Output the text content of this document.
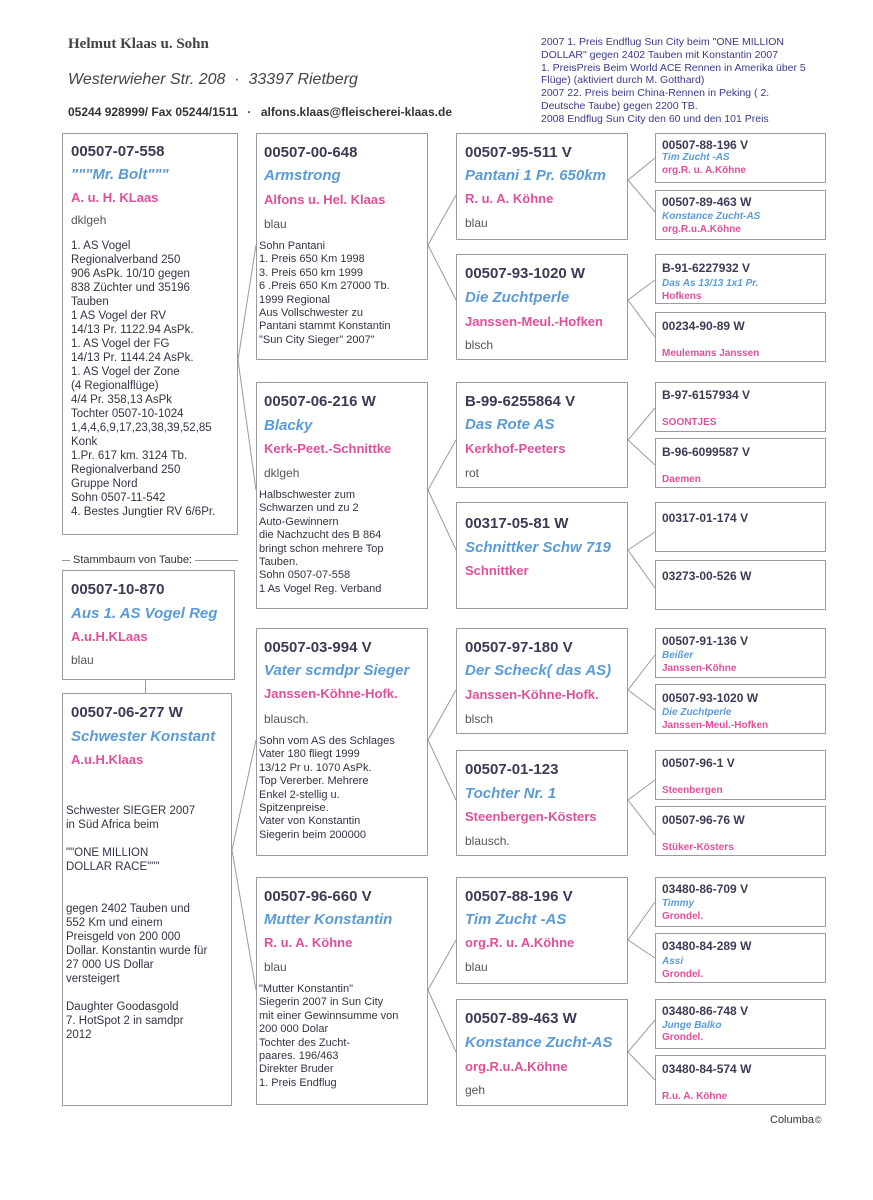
Helmut Klaas u. Sohn
Westerwieher Str. 208  ·  33397 Rietberg
05244 928999/ Fax 05244/1511 · alfons.klaas@fleischerei-klaas.de
2007 1. Preis Endflug Sun City beim "ONE MILLION DOLLAR" gegen 2402 Tauben mit Konstantin 2007
1. PreisPreis Beim World ACE Rennen in Amerika über 5 Flüge) (aktiviert durch M. Gotthard)
2007 22. Preis beim China-Rennen in Peking ( 2. Deutsche Taube) gegen 2200 TB.
2008 Endflug Sun City den 60 und den 101 Preis
00507-07-558
"""Mr. Bolt"""
A. u. H. KLaas
dklgeh
1. AS Vogel
Regionalverband 250
906 AsPk. 10/10 gegen
838 Züchter und 35196
Tauben
1 AS Vogel der RV
14/13 Pr. 1122.94 AsPk.
1. AS Vogel der FG
14/13 Pr. 1144.24 AsPk.
1. AS Vogel der Zone
(4 Regionalflüge)
4/4 Pr. 358,13 AsPk
Tochter 0507-10-1024
1,4,4,6,9,17,23,38,39,52,85
Konk
1.Pr. 617 km. 3124 Tb.
Regionalverband 250
Gruppe Nord
Sohn 0507-11-542
4. Bestes Jungtier RV 6/6Pr.
Stammbaum von Taube:
00507-10-870
Aus 1. AS Vogel Reg
A.u.H.KLaas
blau
00507-06-277 W
Schwester Konstant
A.u.H.Klaas
Schwester SIEGER 2007
in Süd Africa beim

""ONE MILLION
DOLLAR RACE"""

gegen 2402 Tauben und
552 Km und einem
Preisgeld von 200 000
Dollar. Konstantin wurde für
27 000 US Dollar
versteigert

Daughter Goodasgold
7. HotSpot 2 in samdpr
2012
00507-00-648
Armstrong
Alfons u. Hel. Klaas
blau
Sohn Pantani
1. Preis 650 Km 1998
3. Preis 650 km 1999
6 .Preis 650 Km 27000 Tb.
1999 Regional
Aus Vollschwester zu
Pantani stammt Konstantin
"Sun City Sieger" 2007"
00507-06-216 W
Blacky
Kerk-Peet.-Schnittke
dklgeh
Halbschwester zum
Schwarzen und zu 2
Auto-Gewinnern
die Nachzucht des B 864
bringt schon mehrere Top
Tauben.
Sohn 0507-07-558
1 As Vogel Reg. Verband
00507-03-994 V
Vater scmdpr Sieger
Janssen-Köhne-Hofk.
blausch.
Sohn vom AS des Schlages
Vater 180 fliegt 1999
13/12 Pr u. 1070 AsPk.
Top Vererber. Mehrere
Enkel 2-stellig u.
Spitzenpreise.
Vater von Konstantin
Siegerin beim 200000
00507-96-660 V
Mutter Konstantin
R. u. A. Köhne
blau
"Mutter Konstantin"
Siegerin 2007 in Sun City
mit einer Gewinnsumme von
200 000 Dolar
Tochter des Zucht-
paares. 196/463
Direkter Bruder
1. Preis Endflug
00507-95-511 V
Pantani 1 Pr. 650km
R. u. A. Köhne
blau
00507-93-1020 W
Die Zuchtperle
Janssen-Meul.-Hofken
blsch
B-99-6255864 V
Das Rote AS
Kerkhof-Peeters
rot
00317-05-81 W
Schnittker Schw 719
Schnittker
00507-97-180 V
Der Scheck( das AS)
Janssen-Köhne-Hofk.
blsch
00507-01-123
Tochter Nr. 1
Steenbergen-Kösters
blausch.
00507-88-196 V
Tim Zucht -AS
org.R. u. A.Köhne
blau
00507-89-463 W
Konstance Zucht-AS
org.R.u.A.Köhne
geh
00507-88-196 V
Tim Zucht -AS
org.R. u. A.Köhne
00507-89-463 W
Konstance Zucht-AS
org.R.u.A.Köhne
B-91-6227932 V
Das As 13/13 1x1 Pr.
Hofkens
00234-90-89 W
Meulemans Janssen
B-97-6157934 V
SOONTJES
B-96-6099587 V
Daemen
00317-01-174 V
03273-00-526 W
00507-91-136 V
Beißer
Janssen-Köhne
00507-93-1020 W
Die Zuchtperle
Janssen-Meul.-Hofken
00507-96-1 V
Steenbergen
00507-96-76 W
Stüker-Kösters
03480-86-709 V
Timmy
Grondel.
03480-84-289 W
Assi
Grondel.
03480-86-748 V
Junge Balko
Grondel.
03480-84-574 W
R.u. A. Köhne
Columba©
